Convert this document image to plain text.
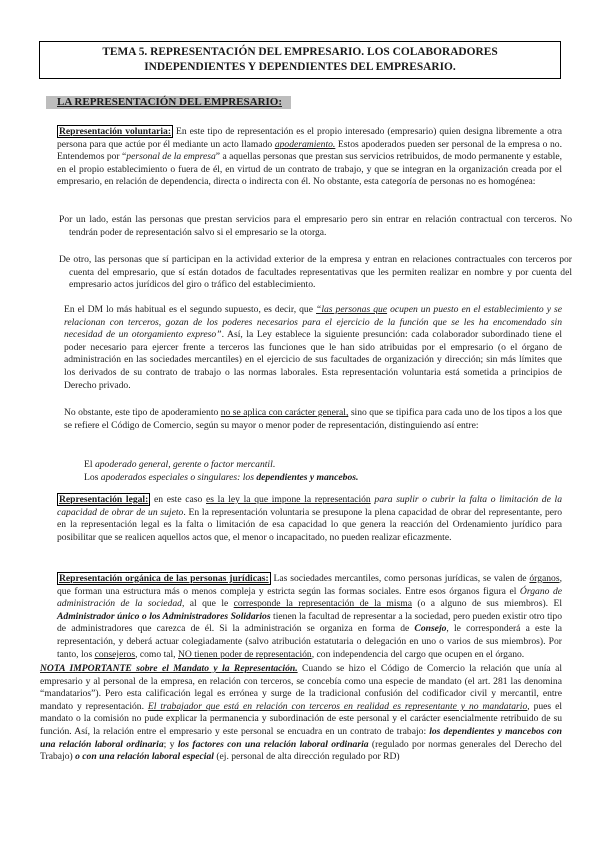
TEMA 5. REPRESENTACIÓN DEL EMPRESARIO. LOS COLABORADORES
INDEPENDIENTES Y DEPENDIENTES DEL EMPRESARIO.
LA REPRESENTACIÓN DEL EMPRESARIO:
Representación voluntaria: En este tipo de representación es el propio interesado (empresario) quien designa libremente a otra persona para que actúe por él mediante un acto llamado apoderamiento. Estos apoderados pueden ser personal de la empresa o no. Entendemos por “personal de la empresa” a aquellas personas que prestan sus servicios retribuidos, de modo permanente y estable, en el propio establecimiento o fuera de él, en virtud de un contrato de trabajo, y que se integran en la organización creada por el empresario, en relación de dependencia, directa o indirecta con él. No obstante, esta categoría de personas no es homogénea:
Por un lado, están las personas que prestan servicios para el empresario pero sin entrar en relación contractual con terceros. No tendrán poder de representación salvo si el empresario se la otorga.
De otro, las personas que sí participan en la actividad exterior de la empresa y entran en relaciones contractuales con terceros por cuenta del empresario, que sí están dotados de facultades representativas que les permiten realizar en nombre y por cuenta del empresario actos jurídicos del giro o tráfico del establecimiento.
En el DM lo más habitual es el segundo supuesto, es decir, que “las personas que ocupen un puesto en el establecimiento y se relacionan con terceros, gozan de los poderes necesarios para el ejercicio de la función que se les ha encomendado sin necesidad de un otorgamiento expreso”. Así, la Ley establece la siguiente presunción: cada colaborador subordinado tiene el poder necesario para ejercer frente a terceros las funciones que le han sido atribuidas por el empresario (o el órgano de administración en las sociedades mercantiles) en el ejercicio de sus facultades de organización y dirección; sin más límites que los derivados de su contrato de trabajo o las normas laborales. Esta representación voluntaria está sometida a principios de Derecho privado.
No obstante, este tipo de apoderamiento no se aplica con carácter general, sino que se tipifica para cada uno de los tipos a los que se refiere el Código de Comercio, según su mayor o menor poder de representación, distinguiendo así entre:
El apoderado general, gerente o factor mercantil.
Los apoderados especiales o singulares: los dependientes y mancebos.
Representación legal: en este caso es la ley la que impone la representación para suplir o cubrir la falta o limitación de la capacidad de obrar de un sujeto. En la representación voluntaria se presupone la plena capacidad de obrar del representante, pero en la representación legal es la falta o limitación de esa capacidad lo que genera la reacción del Ordenamiento jurídico para posibilitar que se realicen aquellos actos que, el menor o incapacitado, no pueden realizar eficazmente.
Representación orgánica de las personas jurídicas: Las sociedades mercantiles, como personas jurídicas, se valen de órganos, que forman una estructura más o menos compleja y estricta según las formas sociales. Entre esos órganos figura el Órgano de administración de la sociedad, al que le corresponde la representación de la misma (o a alguno de sus miembros). El Administrador único o los Administradores Solidarios tienen la facultad de representar a la sociedad, pero pueden existir otro tipo de administradores que carezca de él. Si la administración se organiza en forma de Consejo, le corresponderá a este la representación, y deberá actuar colegiadamente (salvo atribución estatutaria o delegación en uno o varios de sus miembros). Por tanto, los consejeros, como tal, NO tienen poder de representación, con independencia del cargo que ocupen en el órgano.
NOTA IMPORTANTE sobre el Mandato y la Representación. Cuando se hizo el Código de Comercio la relación que unía al empresario y al personal de la empresa, en relación con terceros, se concebía como una especie de mandato (el art. 281 las denomina “mandatarios”). Pero esta calificación legal es errónea y surge de la tradicional confusión del codificador civil y mercantil, entre mandato y representación. El trabajador que está en relación con terceros en realidad es representante y no mandatario, pues el mandato o la comisión no pude explicar la permanencia y subordinación de este personal y el carácter esencialmente retribuido de su función. Así, la relación entre el empresario y este personal se encuadra en un contrato de trabajo: los dependientes y mancebos con una relación laboral ordinaria; y los factores con una relación laboral ordinaria (regulado por normas generales del Derecho del Trabajo) o con una relación laboral especial (ej. personal de alta dirección regulado por RD)
